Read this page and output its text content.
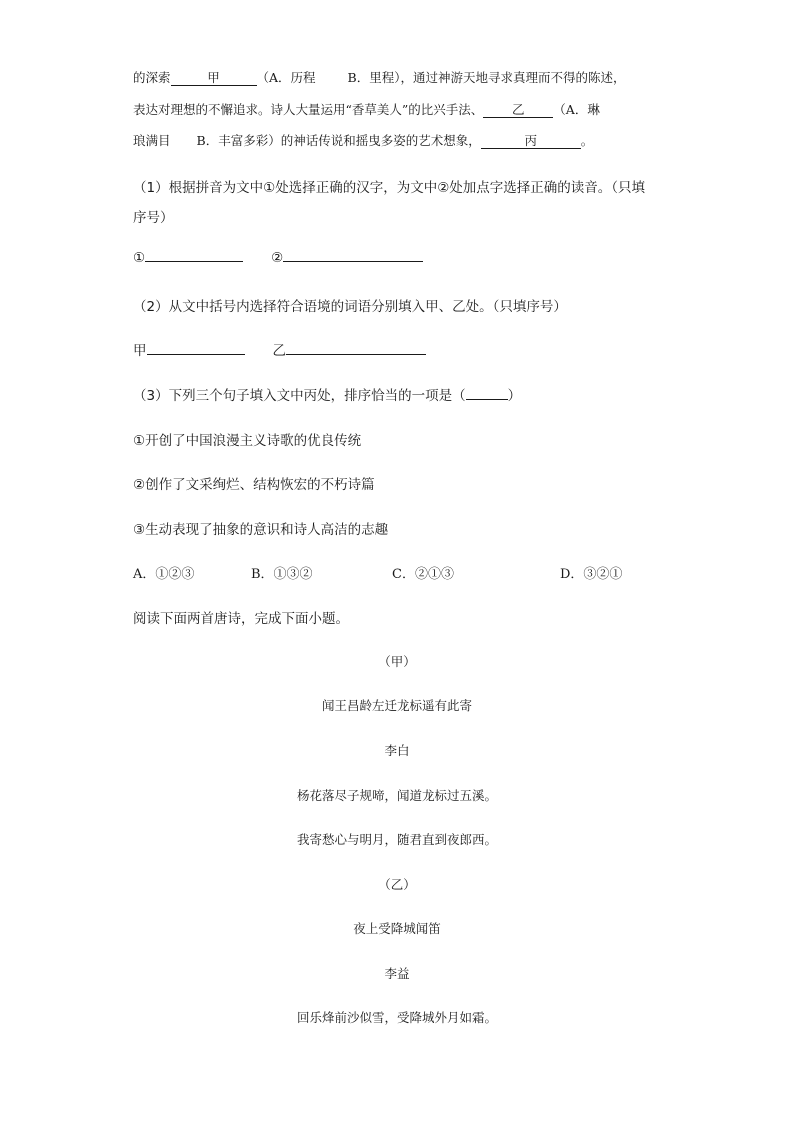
的深索	甲	（A．历程	B．里程），通过神游天地寻求真理而不得的陈述，
表达对理想的不懈追求。诗人大量运用“香草美人”的比兴手法、 乙 （A．琳
琅满目 B．丰富多彩）的神话传说和摇曳多姿的艺术想象，	丙	。
（1）根据拼音为文中①处选择正确的汉字，为文中②处加点字选择正确的读音。（只填
序号）
①	②
（2）从文中括号内选择符合语境的词语分别填入甲、乙处。（只填序号）
甲	乙
（3）下列三个句子填入文中丙处，排序恰当的一项是（	）
①开创了中国浪漫主义诗歌的优良传统
②创作了文采绚烂、结构恢宏的不朽诗篇
③生动表现了抽象的意识和诗人高洁的志趣
A．①②③	B．①③②	C．②①③	D．③②①
阅读下面两首唐诗，完成下面小题。
（甲）
闻王昌龄左迁龙标遥有此寄
李白
杨花落尽子规啼，闻道龙标过五溪。
我寄愁心与明月，随君直到夜郎西。
（乙）
夜上受降城闻笛
李益
回乐烽前沙似雪，受降城外月如霜。
